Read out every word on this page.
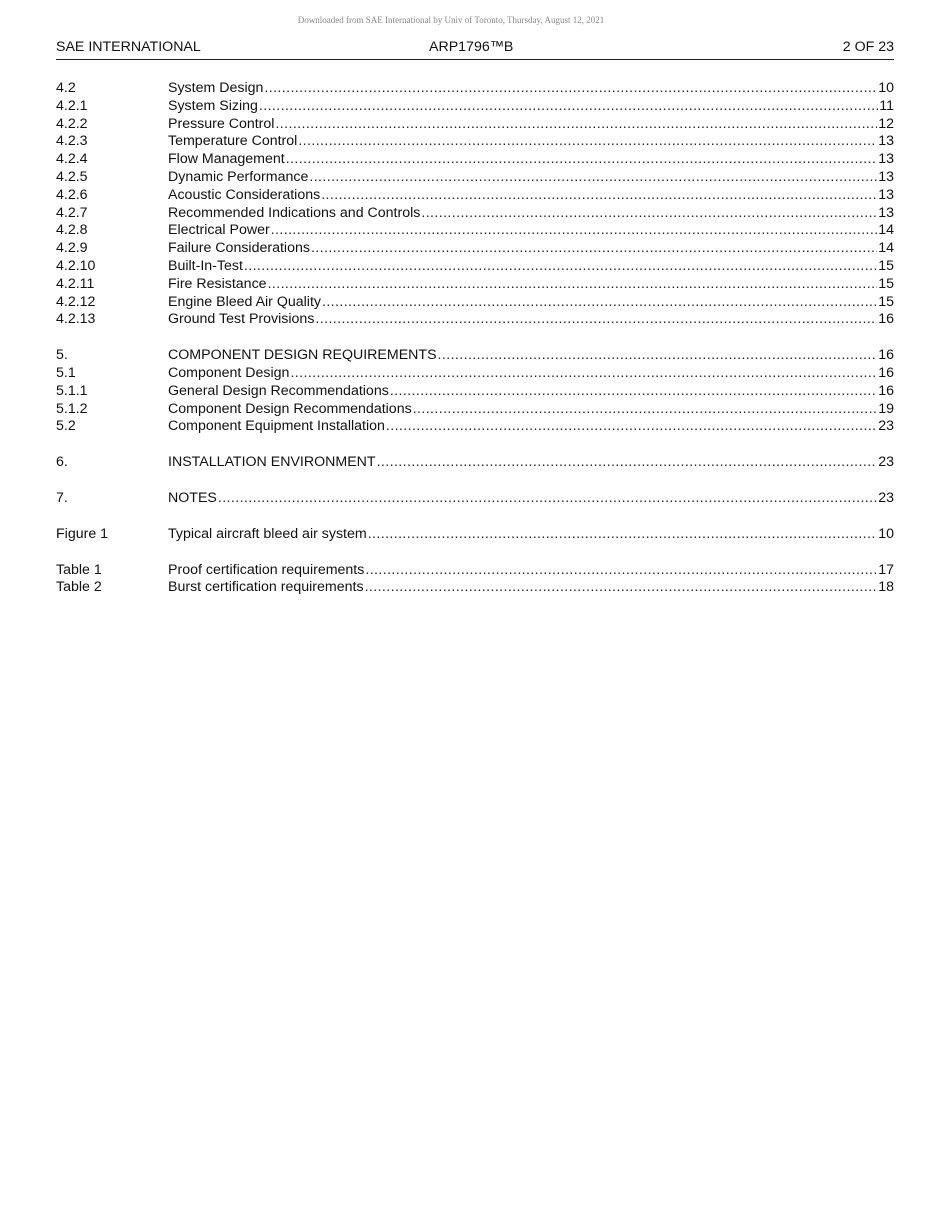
Downloaded from SAE International by Univ of Toronto, Thursday, August 12, 2021
SAE INTERNATIONAL	ARP1796™B	2 OF 23
4.2	System Design .....	10
4.2.1	System Sizing .....	11
4.2.2	Pressure Control .....	12
4.2.3	Temperature Control .....	13
4.2.4	Flow Management .....	13
4.2.5	Dynamic Performance .....	13
4.2.6	Acoustic Considerations .....	13
4.2.7	Recommended Indications and Controls .....	13
4.2.8	Electrical Power .....	14
4.2.9	Failure Considerations .....	14
4.2.10	Built-In-Test .....	15
4.2.11	Fire Resistance .....	15
4.2.12	Engine Bleed Air Quality .....	15
4.2.13	Ground Test Provisions .....	16
5.	COMPONENT DESIGN REQUIREMENTS .....	16
5.1	Component Design .....	16
5.1.1	General Design Recommendations .....	16
5.1.2	Component Design Recommendations .....	19
5.2	Component Equipment Installation .....	23
6.	INSTALLATION ENVIRONMENT .....	23
7.	NOTES .....	23
Figure 1	Typical aircraft bleed air system .....	10
Table 1	Proof certification requirements .....	17
Table 2	Burst certification requirements .....	18
